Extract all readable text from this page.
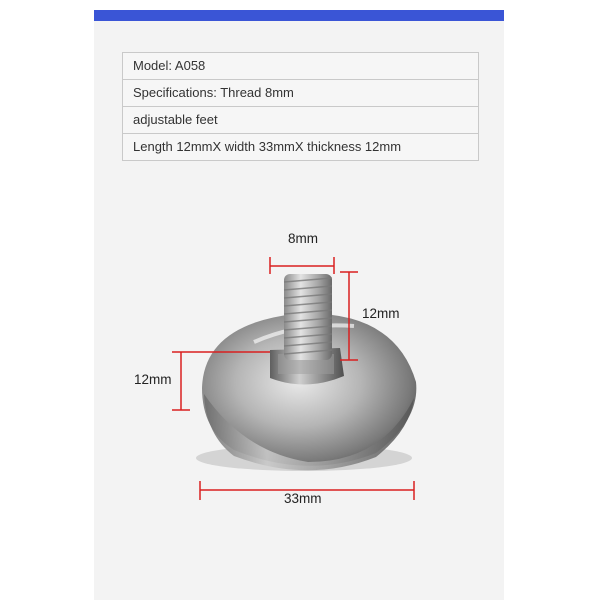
Model: A058
Specifications: Thread 8mm
adjustable feet
Length 12mmX width 33mmX thickness 12mm
8mm
12mm
12mm
33mm
